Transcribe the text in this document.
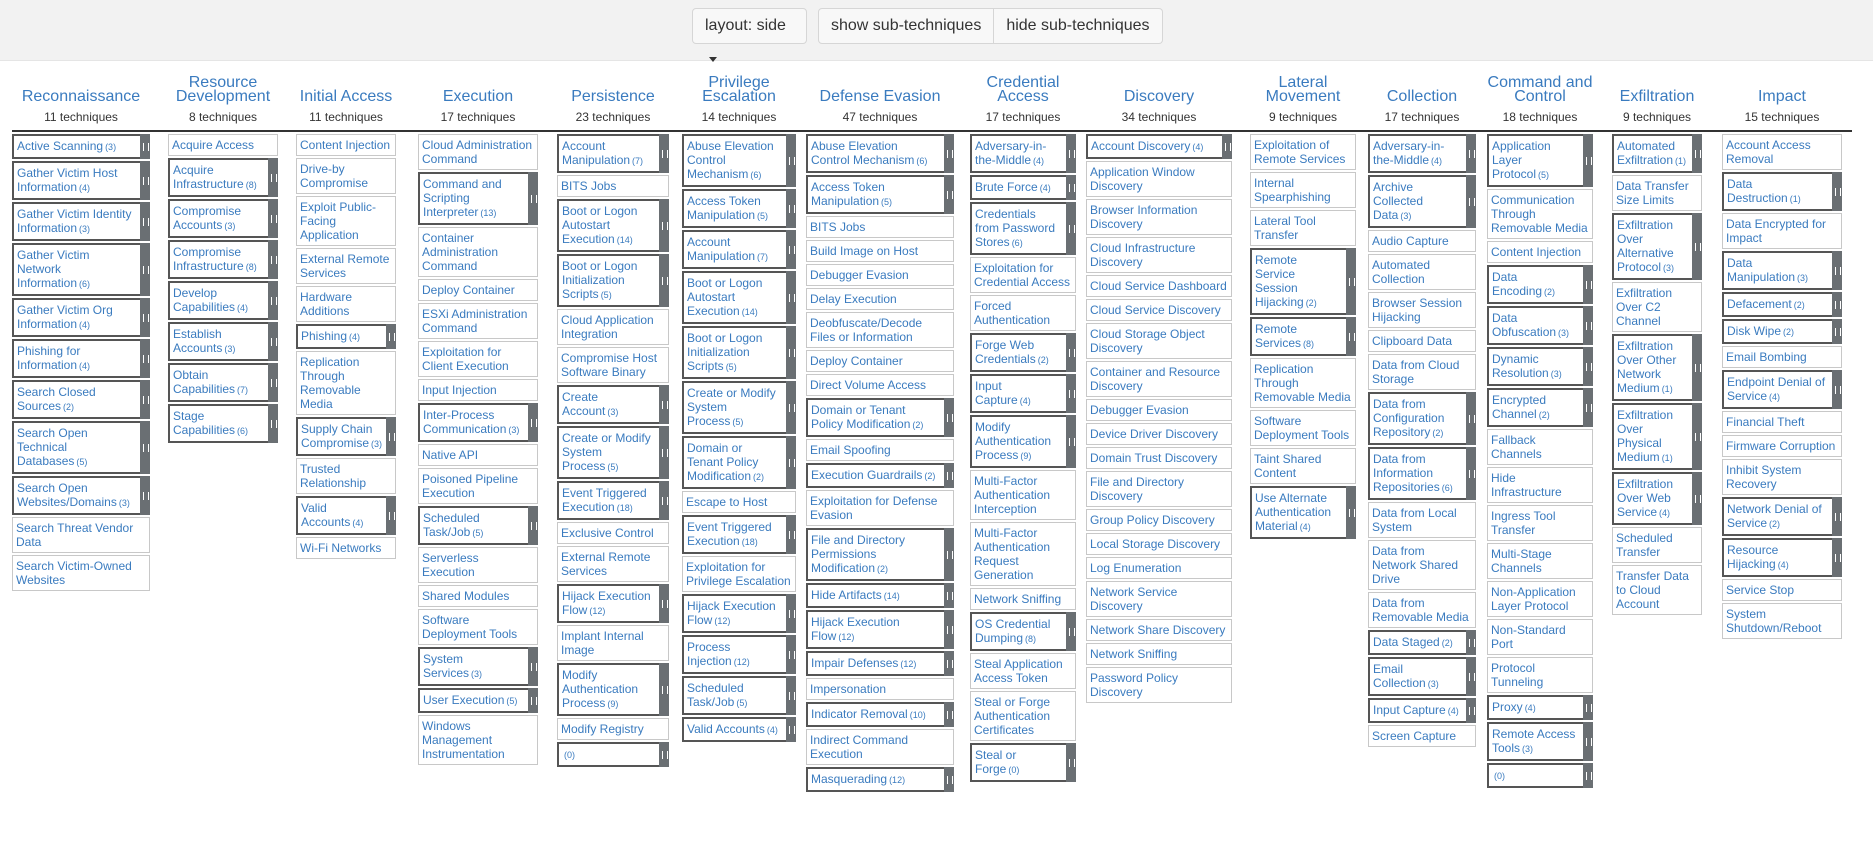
layout: side	show sub-techniques	hide sub-techniques
Reconnaissance
11 techniques
Active Scanning (3)
Gather Victim Host Information (4)
Gather Victim Identity Information (3)
Gather Victim Network Information (6)
Gather Victim Org Information (4)
Phishing for Information (4)
Search Closed Sources (2)
Search Open Technical Databases (5)
Search Open Websites/Domains (3)
Search Threat Vendor Data
Search Victim-Owned Websites
Resource Development
8 techniques
Acquire Access
Acquire Infrastructure (8)
Compromise Accounts (3)
Compromise Infrastructure (8)
Develop Capabilities (4)
Establish Accounts (3)
Obtain Capabilities (7)
Stage Capabilities (6)
Initial Access
11 techniques
Content Injection
Drive-by Compromise
Exploit Public-Facing Application
External Remote Services
Hardware Additions
Phishing (4)
Replication Through Removable Media
Supply Chain Compromise (3)
Trusted Relationship
Valid Accounts (4)
Wi-Fi Networks
Execution
17 techniques
Cloud Administration Command
Command and Scripting Interpreter (13)
Container Administration Command
Deploy Container
ESXi Administration Command
Exploitation for Client Execution
Input Injection
Inter-Process Communication (3)
Native API
Poisoned Pipeline Execution
Scheduled Task/Job (5)
Serverless Execution
Shared Modules
Software Deployment Tools
System Services (3)
User Execution (5)
Windows Management Instrumentation
Persistence
23 techniques
Account Manipulation (7)
BITS Jobs
Boot or Logon Autostart Execution (14)
Boot or Logon Initialization Scripts (5)
Cloud Application Integration
Compromise Host Software Binary
Create Account (3)
Create or Modify System Process (5)
Event Triggered Execution (18)
Exclusive Control
External Remote Services
Hijack Execution Flow (12)
Implant Internal Image
Modify Authentication Process (9)
Modify Registry
(0)
Privilege Escalation
14 techniques
Abuse Elevation Control Mechanism (6)
Access Token Manipulation (5)
Account Manipulation (7)
Boot or Logon Autostart Execution (14)
Boot or Logon Initialization Scripts (5)
Create or Modify System Process (5)
Domain or Tenant Policy Modification (2)
Escape to Host
Event Triggered Execution (18)
Exploitation for Privilege Escalation
Hijack Execution Flow (12)
Process Injection (12)
Scheduled Task/Job (5)
Valid Accounts (4)
Defense Evasion
47 techniques
Abuse Elevation Control Mechanism (6)
Access Token Manipulation (5)
BITS Jobs
Build Image on Host
Debugger Evasion
Delay Execution
Deobfuscate/Decode Files or Information
Deploy Container
Direct Volume Access
Domain or Tenant Policy Modification (2)
Email Spoofing
Execution Guardrails (2)
Exploitation for Defense Evasion
File and Directory Permissions Modification (2)
Hide Artifacts (14)
Hijack Execution Flow (12)
Impair Defenses (12)
Impersonation
Indicator Removal (10)
Indirect Command Execution
Masquerading (12)
Credential Access
17 techniques
Adversary-in-the-Middle (4)
Brute Force (4)
Credentials from Password Stores (6)
Exploitation for Credential Access
Forced Authentication
Forge Web Credentials (2)
Input Capture (4)
Modify Authentication Process (9)
Multi-Factor Authentication Interception
Multi-Factor Authentication Request Generation
Network Sniffing
OS Credential Dumping (8)
Steal Application Access Token
Steal or Forge Authentication Certificates
Steal or Forge (0)
Discovery
34 techniques
Account Discovery (4)
Application Window Discovery
Browser Information Discovery
Cloud Infrastructure Discovery
Cloud Service Dashboard
Cloud Service Discovery
Cloud Storage Object Discovery
Container and Resource Discovery
Debugger Evasion
Device Driver Discovery
Domain Trust Discovery
File and Directory Discovery
Group Policy Discovery
Local Storage Discovery
Log Enumeration
Network Service Discovery
Network Share Discovery
Network Sniffing
Password Policy Discovery
Lateral Movement
9 techniques
Exploitation of Remote Services
Internal Spearphishing
Lateral Tool Transfer
Remote Service Session Hijacking (2)
Remote Services (8)
Replication Through Removable Media
Software Deployment Tools
Taint Shared Content
Use Alternate Authentication Material (4)
Collection
17 techniques
Adversary-in-the-Middle (4)
Archive Collected Data (3)
Audio Capture
Automated Collection
Browser Session Hijacking
Clipboard Data
Data from Cloud Storage
Data from Configuration Repository (2)
Data from Information Repositories (6)
Data from Local System
Data from Network Shared Drive
Data from Removable Media
Data Staged (2)
Email Collection (3)
Input Capture (4)
Screen Capture
Command and Control
18 techniques
Application Layer Protocol (5)
Communication Through Removable Media
Content Injection
Data Encoding (2)
Data Obfuscation (3)
Dynamic Resolution (3)
Encrypted Channel (2)
Fallback Channels
Hide Infrastructure
Ingress Tool Transfer
Multi-Stage Channels
Non-Application Layer Protocol
Non-Standard Port
Protocol Tunneling
Proxy (4)
Remote Access Tools (3)
(0)
Exfiltration
9 techniques
Automated Exfiltration (1)
Data Transfer Size Limits
Exfiltration Over Alternative Protocol (3)
Exfiltration Over C2 Channel
Exfiltration Over Other Network Medium (1)
Exfiltration Over Physical Medium (1)
Exfiltration Over Web Service (4)
Scheduled Transfer
Transfer Data to Cloud Account
Impact
15 techniques
Account Access Removal
Data Destruction (1)
Data Encrypted for Impact
Data Manipulation (3)
Defacement (2)
Disk Wipe (2)
Email Bombing
Endpoint Denial of Service (4)
Financial Theft
Firmware Corruption
Inhibit System Recovery
Network Denial of Service (2)
Resource Hijacking (4)
Service Stop
System Shutdown/Reboot
